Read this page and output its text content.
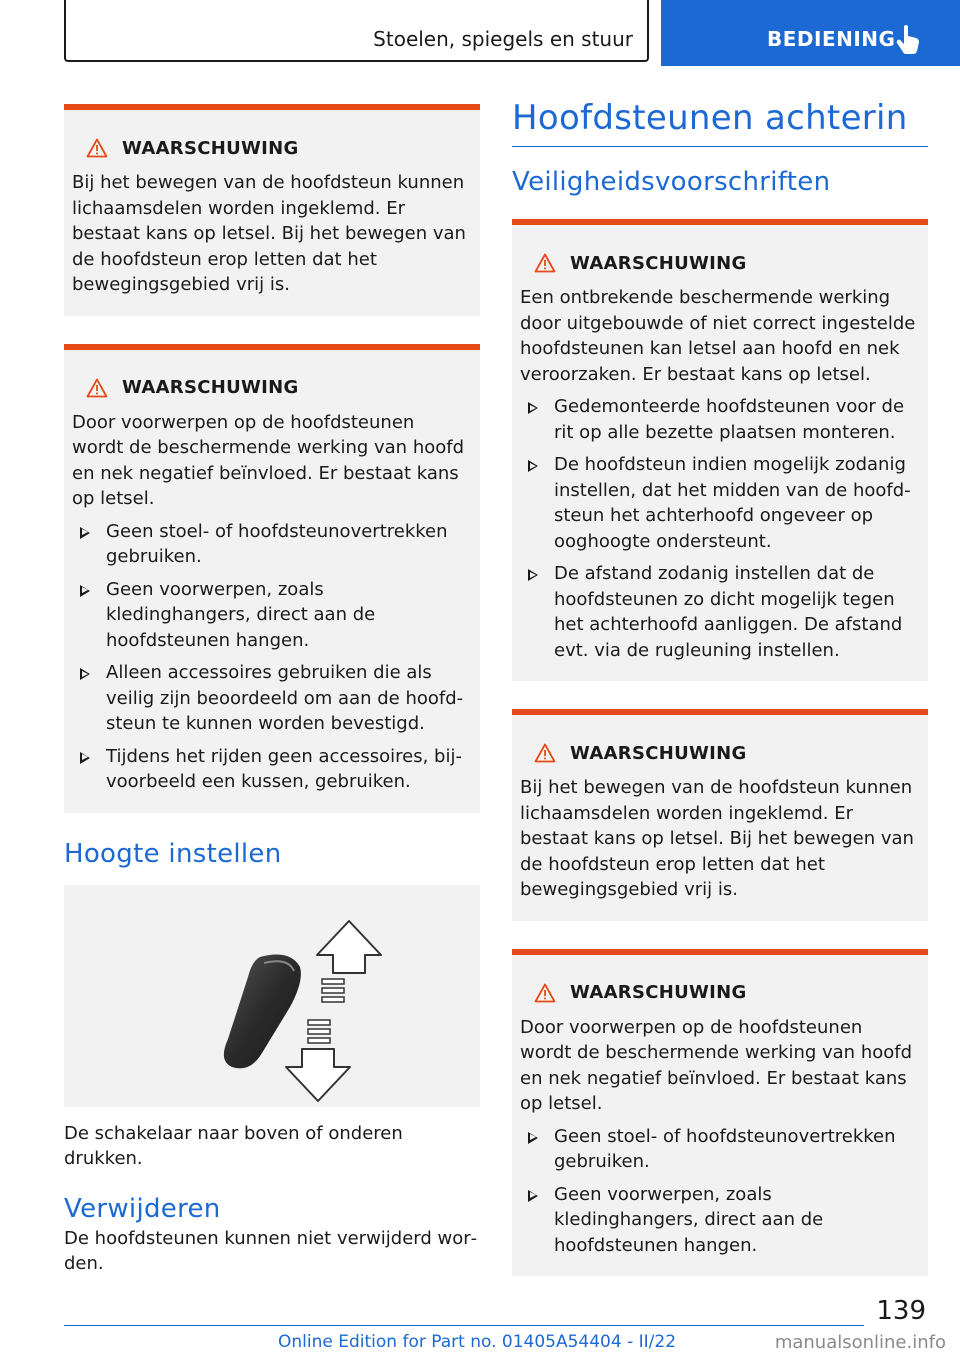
Stoelen, spiegels en stuur	BEDIENING
WAARSCHUWING
Bij het bewegen van de hoofdsteun kunnen lichaamsdelen worden ingeklemd. Er bestaat kans op letsel. Bij het bewegen van de hoofdsteun erop letten dat het bewegingsgebied vrij is.
WAARSCHUWING
Door voorwerpen op de hoofdsteunen wordt de beschermende werking van hoofd en nek negatief beïnvloed. Er bestaat kans op letsel.
Geen stoel- of hoofdsteunovertrekken gebruiken.
Geen voorwerpen, zoals kledinghangers, direct aan de hoofdsteunen hangen.
Alleen accessoires gebruiken die als veilig zijn beoordeeld om aan de hoofdsteun te kunnen worden bevestigd.
Tijdens het rijden geen accessoires, bijvoorbeeld een kussen, gebruiken.
Hoogte instellen
De schakelaar naar boven of onderen drukken.
Verwijderen
De hoofdsteunen kunnen niet verwijderd worden.
Hoofdsteunen achterin
Veiligheidsvoorschriften
WAARSCHUWING
Een ontbrekende beschermende werking door uitgebouwde of niet correct ingestelde hoofdsteunen kan letsel aan hoofd en nek veroorzaken. Er bestaat kans op letsel.
Gedemonteerde hoofdsteunen voor de rit op alle bezette plaatsen monteren.
De hoofdsteun indien mogelijk zodanig instellen, dat het midden van de hoofdsteun het achterhoofd ongeveer op ooghoogte ondersteunt.
De afstand zodanig instellen dat de hoofdsteunen zo dicht mogelijk tegen het achterhoofd aanliggen. De afstand evt. via de rugleuning instellen.
WAARSCHUWING
Bij het bewegen van de hoofdsteun kunnen lichaamsdelen worden ingeklemd. Er bestaat kans op letsel. Bij het bewegen van de hoofdsteun erop letten dat het bewegingsgebied vrij is.
WAARSCHUWING
Door voorwerpen op de hoofdsteunen wordt de beschermende werking van hoofd en nek negatief beïnvloed. Er bestaat kans op letsel.
Geen stoel- of hoofdsteunovertrekken gebruiken.
Geen voorwerpen, zoals kledinghangers, direct aan de hoofdsteunen hangen.
139
Online Edition for Part no. 01405A54404 - II/22	manualsonline.info
